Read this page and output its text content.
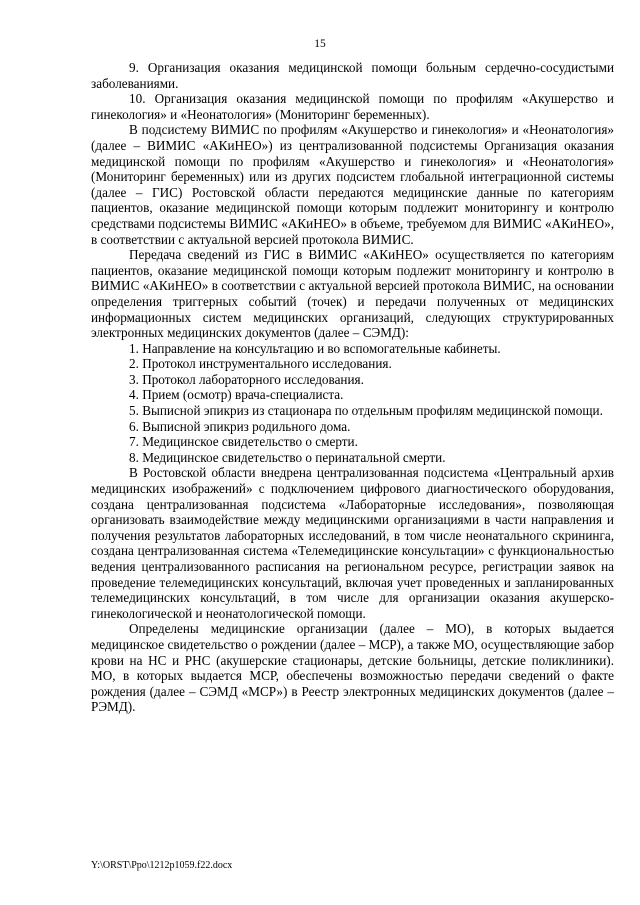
15

9. Организация оказания медицинской помощи больным сердечно-сосудистыми заболеваниями.

10. Организация оказания медицинской помощи по профилям «Акушерство и гинекология» и «Неонатология» (Мониторинг беременных).

В подсистему ВИМИС по профилям «Акушерство и гинекология» и «Неонатология» (далее – ВИМИС «АКиНЕО») из централизованной подсистемы Организация оказания медицинской помощи по профилям «Акушерство и гинекология» и «Неонатология» (Мониторинг беременных) или из других подсистем глобальной интеграционной системы (далее – ГИС) Ростовской области передаются медицинские данные по категориям пациентов, оказание медицинской помощи которым подлежит мониторингу и контролю средствами подсистемы ВИМИС «АКиНЕО» в объеме, требуемом для ВИМИС «АКиНЕО», в соответствии с актуальной версией протокола ВИМИС.

Передача сведений из ГИС в ВИМИС «АКиНЕО» осуществляется по категориям пациентов, оказание медицинской помощи которым подлежит мониторингу и контролю в ВИМИС «АКиНЕО» в соответствии с актуальной версией протокола ВИМИС, на основании определения триггерных событий (точек) и передачи полученных от медицинских информационных систем медицинских организаций, следующих структурированных электронных медицинских документов (далее – СЭМД):

1. Направление на консультацию и во вспомогательные кабинеты.

2. Протокол инструментального исследования.

3. Протокол лабораторного исследования.

4. Прием (осмотр) врача-специалиста.

5. Выписной эпикриз из стационара по отдельным профилям медицинской помощи.

6. Выписной эпикриз родильного дома.

7. Медицинское свидетельство о смерти.

8. Медицинское свидетельство о перинатальной смерти.

В Ростовской области внедрена централизованная подсистема «Центральный архив медицинских изображений» с подключением цифрового диагностического оборудования, создана централизованная подсистема «Лабораторные исследования», позволяющая организовать взаимодействие между медицинскими организациями в части направления и получения результатов лабораторных исследований, в том числе неонатального скрининга, создана централизованная система «Телемедицинские консультации» с функциональностью ведения централизованного расписания на региональном ресурсе, регистрации заявок на проведение телемедицинских консультаций, включая учет проведенных и запланированных телемедицинских консультаций, в том числе для организации оказания акушерско-гинекологической и неонатологической помощи.

Определены медицинские организации (далее – МО), в которых выдается медицинское свидетельство о рождении (далее – МСР), а также МО, осуществляющие забор крови на НС и РНС (акушерские стационары, детские больницы, детские поликлиники). МО, в которых выдается МСР, обеспечены возможностью передачи сведений о факте рождения (далее – СЭМД «МСР») в Реестр электронных медицинских документов (далее – РЭМД).

Y:\ORST\Ppo\1212p1059.f22.docx
